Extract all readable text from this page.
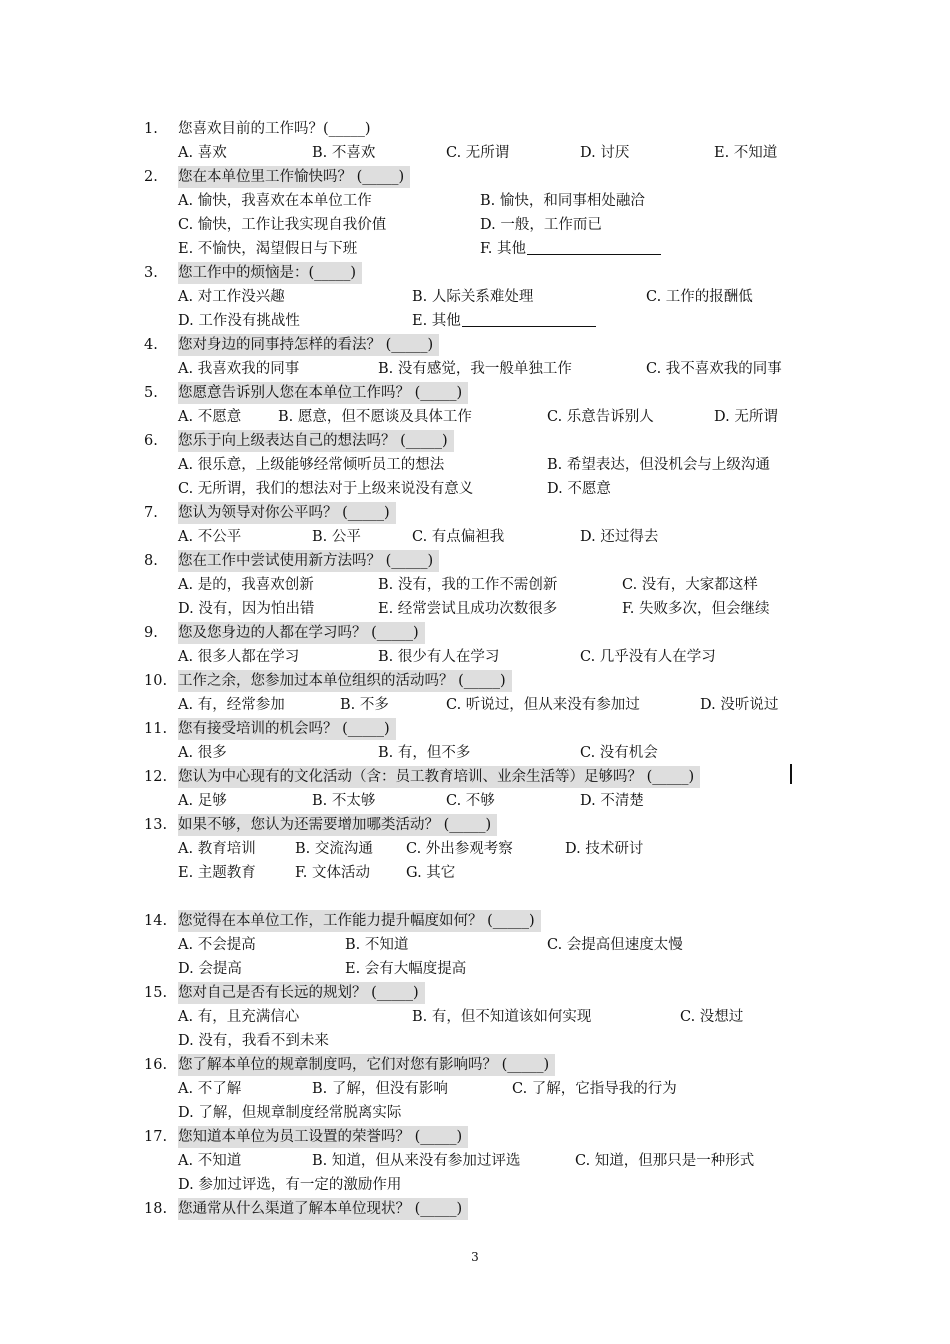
1. 您喜欢目前的工作吗？(_____)
A. 喜欢	B. 不喜欢	C. 无所谓	D. 讨厌	E. 不知道
2. 您在本单位里工作愉快吗？ (_____)
A. 愉快，我喜欢在本单位工作	B. 愉快，和同事相处融洽
C. 愉快，工作让我实现自我价值	D. 一般，工作而已
E. 不愉快，渴望假日与下班	F. 其他
3. 您工作中的烦恼是：(_____)
A. 对工作没兴趣	B. 人际关系难处理	C. 工作的报酬低
D. 工作没有挑战性	E. 其他
4. 您对身边的同事持怎样的看法？ (_____)
A. 我喜欢我的同事	B. 没有感觉，我一般单独工作	C. 我不喜欢我的同事
5. 您愿意告诉别人您在本单位工作吗？ (_____)
A. 不愿意	B. 愿意，但不愿谈及具体工作	C. 乐意告诉别人	D. 无所谓
6. 您乐于向上级表达自己的想法吗？ (_____)
A. 很乐意，上级能够经常倾听员工的想法	B. 希望表达，但没机会与上级沟通
C. 无所谓，我们的想法对于上级来说没有意义	D. 不愿意
7. 您认为领导对你公平吗？ (_____)
A. 不公平	B. 公平	C. 有点偏袒我	D. 还过得去
8. 您在工作中尝试使用新方法吗？ (_____)
A. 是的，我喜欢创新	B. 没有，我的工作不需创新	C. 没有，大家都这样
D. 没有，因为怕出错	E. 经常尝试且成功次数很多	F. 失败多次，但会继续
9. 您及您身边的人都在学习吗？ (_____)
A. 很多人都在学习	B. 很少有人在学习	C. 几乎没有人在学习
10. 工作之余，您参加过本单位组织的活动吗？ (_____)
A. 有，经常参加	B. 不多	C. 听说过，但从来没有参加过	D. 没听说过
11. 您有接受培训的机会吗？ (_____)
A. 很多	B. 有，但不多	C. 没有机会
12. 您认为中心现有的文化活动（含：员工教育培训、业余生活等）足够吗？ (_____)
A. 足够	B. 不太够	C. 不够	D. 不清楚
13. 如果不够，您认为还需要增加哪类活动？ (_____)
A. 教育培训	B. 交流沟通 C. 外出参观考察	D. 技术研讨
E. 主题教育	F. 文体活动 G. 其它
14. 您觉得在本单位工作，工作能力提升幅度如何？ (_____)
A. 不会提高	B. 不知道	C. 会提高但速度太慢
D. 会提高	E. 会有大幅度提高
15. 您对自己是否有长远的规划？ (_____)
A. 有，且充满信心	B. 有，但不知道该如何实现	C. 没想过
D. 没有，我看不到未来
16. 您了解本单位的规章制度吗，它们对您有影响吗？ (_____)
A. 不了解	B. 了解，但没有影响	C. 了解，它指导我的行为
D. 了解，但规章制度经常脱离实际
17. 您知道本单位为员工设置的荣誉吗？ (_____)
A. 不知道	B. 知道，但从来没有参加过评选	C. 知道，但那只是一种形式
D. 参加过评选，有一定的激励作用
18. 您通常从什么渠道了解本单位现状？ (_____)
3
